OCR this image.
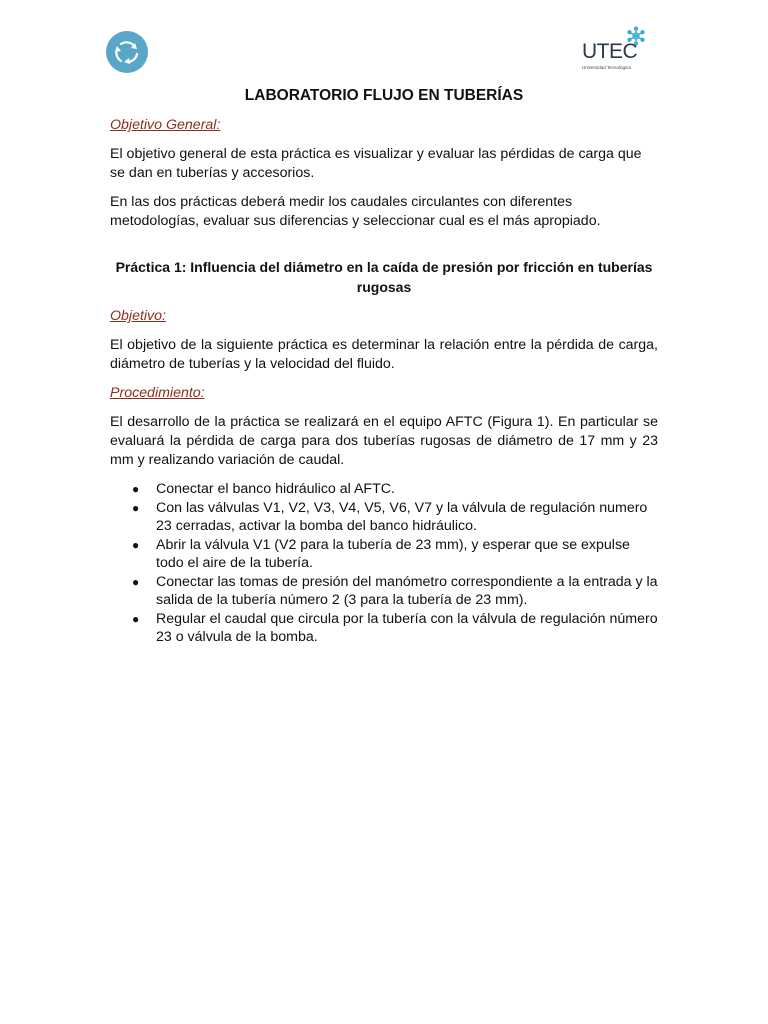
UTEC
Universidad Tecnológica
LABORATORIO FLUJO EN TUBERÍAS
Objetivo General:

El objetivo general de esta práctica es visualizar y evaluar las pérdidas de carga que se dan en tuberías y accesorios.

En las dos prácticas deberá medir los caudales circulantes con diferentes metodologías, evaluar sus diferencias y seleccionar cual es el más apropiado.

Práctica 1: Influencia del diámetro en la caída de presión por fricción en tuberías rugosas
Objetivo:

El objetivo de la siguiente práctica es determinar la relación entre la pérdida de carga, diámetro de tuberías y la velocidad del fluido.

Procedimiento:

El desarrollo de la práctica se realizará en el equipo AFTC (Figura 1). En particular se evaluará la pérdida de carga para dos tuberías rugosas de diámetro de 17 mm y 23 mm y realizando variación de caudal.

● Conectar el banco hidráulico al AFTC.
● Con las válvulas V1, V2, V3, V4, V5, V6, V7 y la válvula de regulación numero 23 cerradas, activar la bomba del banco hidráulico.
● Abrir la válvula V1 (V2 para la tubería de 23 mm), y esperar que se expulse todo el aire de la tubería.
● Conectar las tomas de presión del manómetro correspondiente a la entrada y la salida de la tubería número 2 (3 para la tubería de 23 mm).
● Regular el caudal que circula por la tubería con la válvula de regulación número 23 o válvula de la bomba.
